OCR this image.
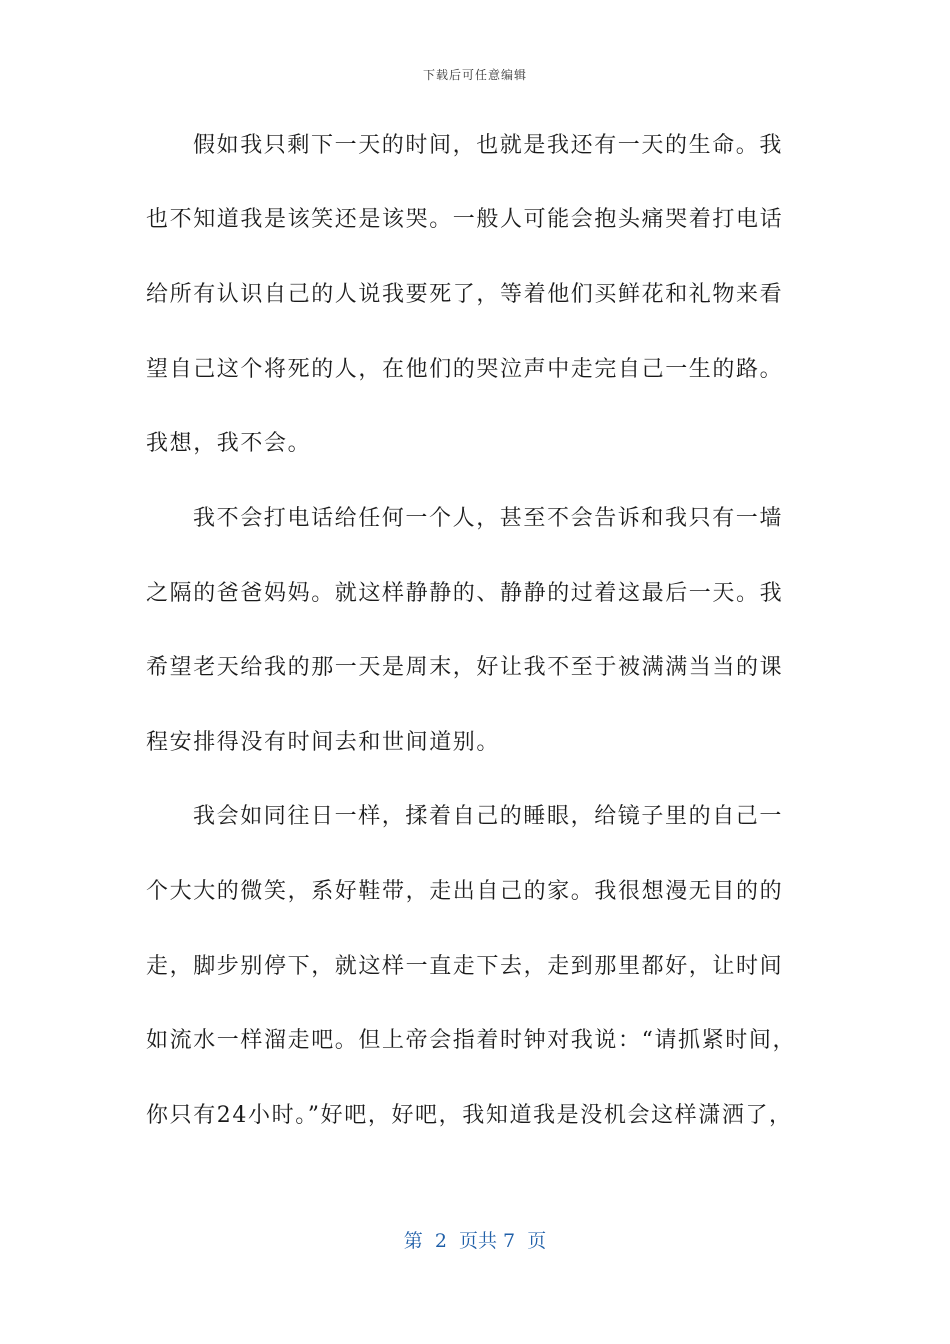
下载后可任意编辑
假如我只剩下一天的时间，也就是我还有一天的生命。我
也不知道我是该笑还是该哭。一般人可能会抱头痛哭着打电话
给所有认识自己的人说我要死了，等着他们买鲜花和礼物来看
望自己这个将死的人，在他们的哭泣声中走完自己一生的路。
我想，我不会。
我不会打电话给任何一个人，甚至不会告诉和我只有一墙
之隔的爸爸妈妈。就这样静静的、静静的过着这最后一天。我
希望老天给我的那一天是周末，好让我不至于被满满当当的课
程安排得没有时间去和世间道别。
我会如同往日一样，揉着自己的睡眼，给镜子里的自己一
个大大的微笑，系好鞋带，走出自己的家。我很想漫无目的的
走，脚步别停下，就这样一直走下去，走到那里都好，让时间
如流水一样溜走吧。但上帝会指着时钟对我说：“请抓紧时间，
你只有24小时。”好吧，好吧，我知道我是没机会这样潇洒了，
第  2  页共 7  页
